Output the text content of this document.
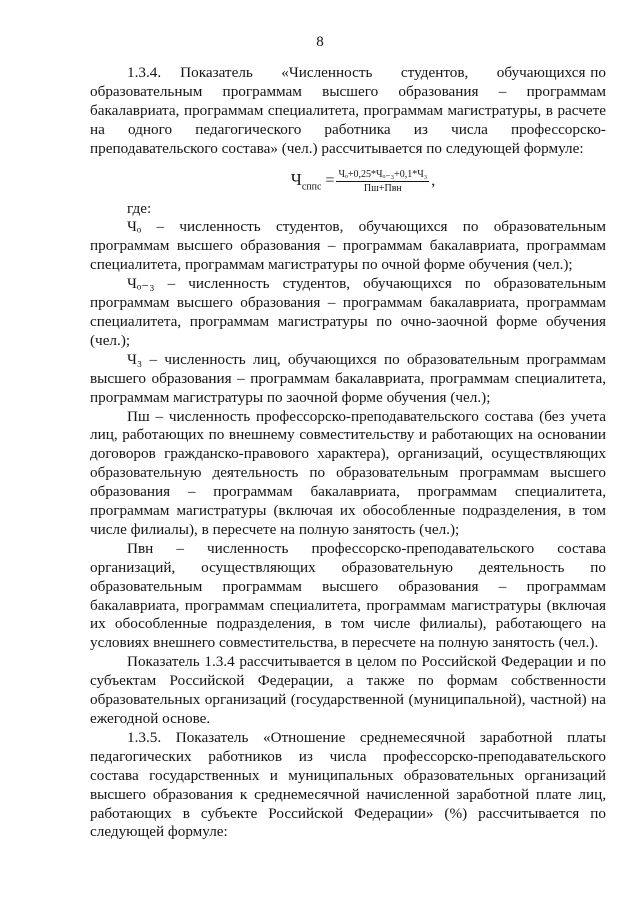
8

1.3.4.    Показатель      «Численность      студентов,      обучающихся по образовательным программам высшего образования – программам бакалавриата, программам специалитета, программам магистратуры, в расчете на одного педагогического работника из числа профессорско-преподавательского состава» (чел.) рассчитывается по следующей формуле:

$Ч_{сппс} = \frac{\text{Чₒ+0,25*Чₒ₋₃+0,1*Ч₃}}{\text{Пш+Пвн}}$ ,

где:

Чₒ – численность студентов, обучающихся по образовательным программам высшего образования – программам бакалавриата, программам специалитета, программам магистратуры по очной форме обучения (чел.);

Чₒ₋₃ – численность студентов, обучающихся по образовательным программам высшего образования – программам бакалавриата, программам специалитета, программам магистратуры по очно-заочной форме обучения (чел.);

Ч₃ – численность лиц, обучающихся по образовательным программам высшего образования – программам бакалавриата, программам специалитета, программам магистратуры по заочной форме обучения (чел.);

Пш – численность профессорско-преподавательского состава (без учета лиц, работающих по внешнему совместительству и работающих на основании договоров гражданско-правового характера), организаций, осуществляющих образовательную деятельность по образовательным программам высшего образования – программам бакалавриата, программам специалитета, программам магистратуры (включая их обособленные подразделения, в том числе филиалы), в пересчете на полную занятость (чел.);

Пвн – численность профессорско-преподавательского состава организаций, осуществляющих образовательную деятельность по образовательным программам высшего образования – программам бакалавриата, программам специалитета, программам магистратуры (включая их обособленные подразделения, в том числе филиалы), работающего на условиях внешнего совместительства, в пересчете на полную занятость (чел.).

Показатель 1.3.4 рассчитывается в целом по Российской Федерации и по субъектам Российской Федерации, а также по формам собственности образовательных организаций (государственной (муниципальной), частной) на ежегодной основе.

1.3.5. Показатель «Отношение среднемесячной заработной платы педагогических работников из числа профессорско-преподавательского состава государственных и муниципальных образовательных организаций высшего образования к среднемесячной начисленной заработной плате лиц, работающих в субъекте Российской Федерации» (%) рассчитывается по следующей формуле:
